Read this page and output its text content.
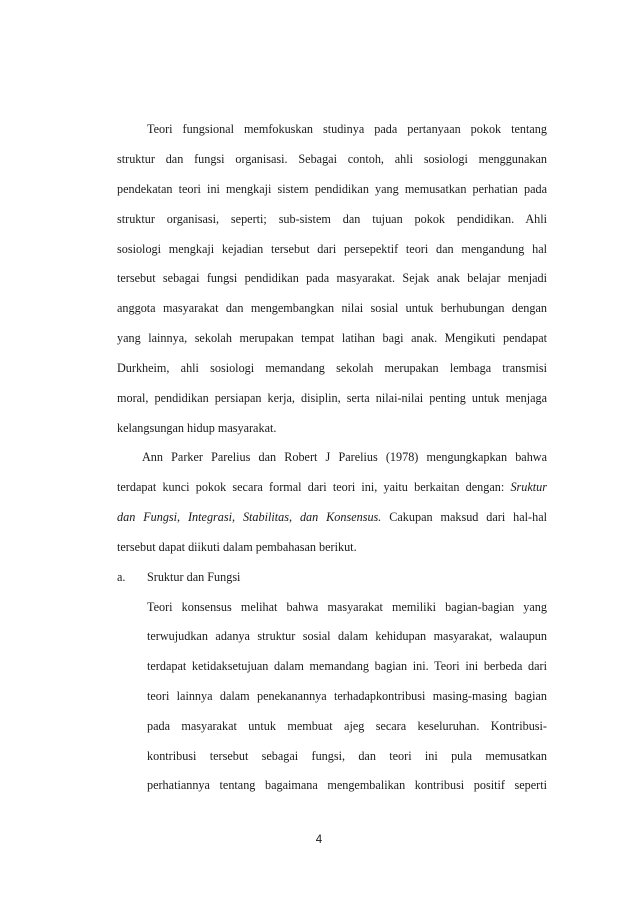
Teori fungsional memfokuskan studinya pada pertanyaan pokok tentang
struktur dan fungsi organisasi. Sebagai contoh, ahli sosiologi menggunakan
pendekatan teori ini mengkaji sistem pendidikan yang memusatkan perhatian pada
struktur organisasi, seperti; sub-sistem dan tujuan pokok pendidikan. Ahli
sosiologi mengkaji kejadian tersebut dari persepektif teori dan mengandung hal
tersebut sebagai fungsi pendidikan pada masyarakat. Sejak anak belajar menjadi
anggota masyarakat dan mengembangkan nilai sosial untuk berhubungan dengan
yang lainnya, sekolah merupakan tempat latihan bagi anak. Mengikuti pendapat
Durkheim, ahli sosiologi memandang sekolah merupakan lembaga transmisi
moral, pendidikan persiapan kerja, disiplin, serta nilai-nilai penting untuk menjaga
kelangsungan hidup masyarakat.
Ann Parker Parelius dan Robert J Parelius (1978) mengungkapkan bahwa
terdapat kunci pokok secara formal dari teori ini, yaitu berkaitan dengan: Sruktur
dan Fungsi, Integrasi, Stabilitas, dan Konsensus. Cakupan maksud dari hal-hal
tersebut dapat diikuti dalam pembahasan berikut.
a. Sruktur dan Fungsi
Teori konsensus melihat bahwa masyarakat memiliki bagian-bagian yang
terwujudkan adanya struktur sosial dalam kehidupan masyarakat, walaupun
terdapat ketidaksetujuan dalam memandang bagian ini. Teori ini berbeda dari
teori lainnya dalam penekanannya terhadapkontribusi masing-masing bagian
pada masyarakat untuk membuat ajeg secara keseluruhan. Kontribusi-
kontribusi tersebut sebagai fungsi, dan teori ini pula memusatkan
perhatiannya tentang bagaimana mengembalikan kontribusi positif seperti
4
